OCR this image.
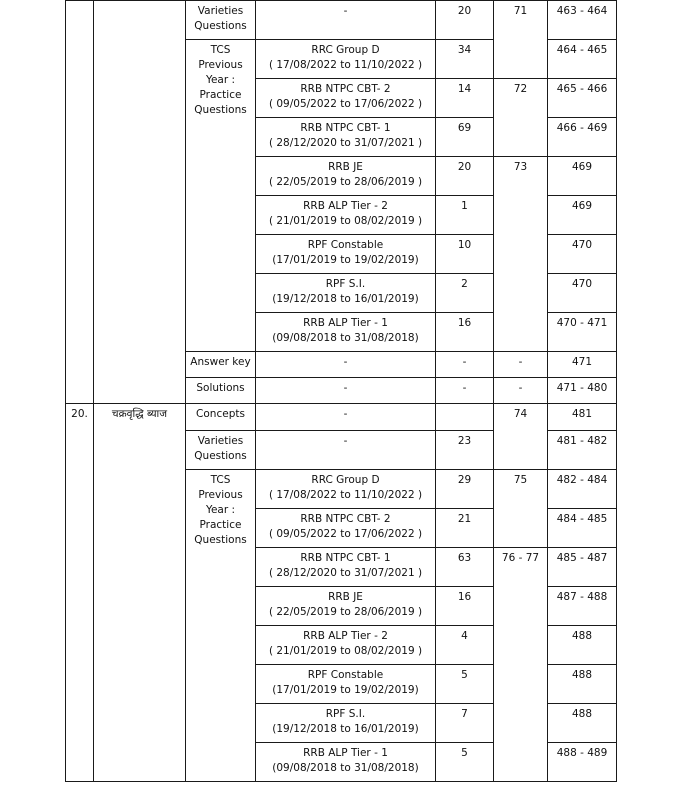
		Varieties
Questions	-	20	71	463 - 464
		TCS Previous
Year :
Practice
Questions	RRC Group D
( 17/08/2022 to 11/10/2022 )	34		464 - 465
			RRB NTPC CBT- 2
( 09/05/2022 to 17/06/2022 )	14	72	465 - 466
			RRB NTPC CBT- 1
( 28/12/2020 to 31/07/2021 )	69		466 - 469
			RRB JE
( 22/05/2019 to 28/06/2019 )	20	73	469
			RRB ALP Tier - 2
( 21/01/2019 to 08/02/2019 )	1		469
			RPF Constable
(17/01/2019 to 19/02/2019)	10		470
			RPF S.I.
(19/12/2018 to 16/01/2019)	2		470
			RRB ALP Tier - 1
(09/08/2018 to 31/08/2018)	16		470 - 471
		Answer key	-	-	-	471
		Solutions	-	-	-	471 - 480
20.	चक्रवृद्धि ब्याज	Concepts	-		74	481
		Varieties
Questions	-	23		481 - 482
		TCS Previous
Year :
Practice
Questions	RRC Group D
( 17/08/2022 to 11/10/2022 )	29	75	482 - 484
			RRB NTPC CBT- 2
( 09/05/2022 to 17/06/2022 )	21		484 - 485
			RRB NTPC CBT- 1
( 28/12/2020 to 31/07/2021 )	63	76 - 77	485 - 487
			RRB JE
( 22/05/2019 to 28/06/2019 )	16		487 - 488
			RRB ALP Tier - 2
( 21/01/2019 to 08/02/2019 )	4		488
			RPF Constable
(17/01/2019 to 19/02/2019)	5		488
			RPF S.I.
(19/12/2018 to 16/01/2019)	7		488
			RRB ALP Tier - 1
(09/08/2018 to 31/08/2018)	5		488 - 489
